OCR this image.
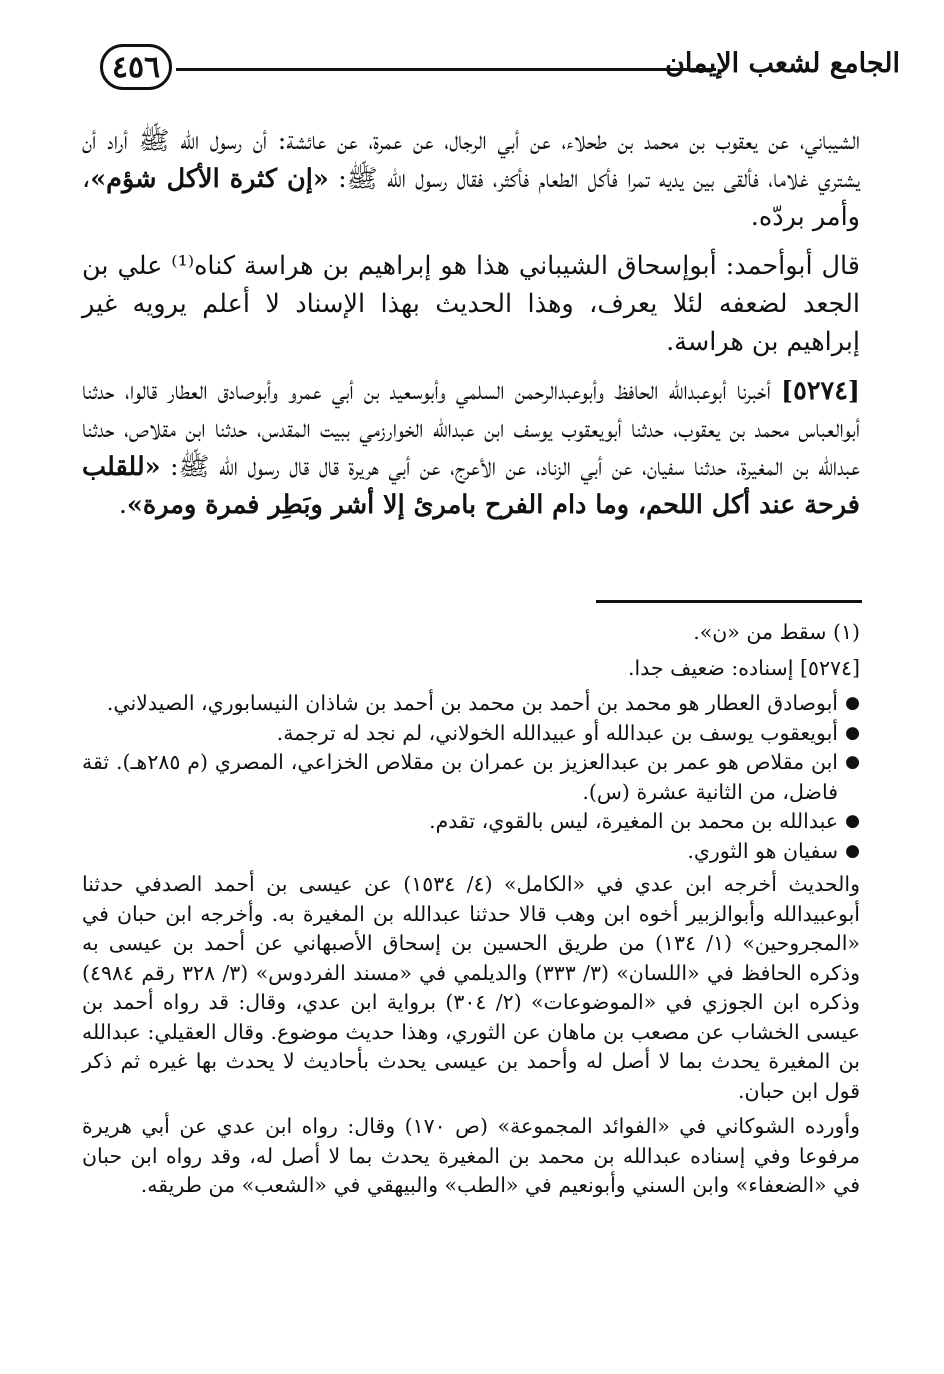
٤٥٦	الجامع لشعب الإيمان

الشيباني، عن يعقوب بن محمد بن طحلاء، عن أبي الرجال، عن عمرة، عن عائشة: أن رسول الله ﷺ أراد أن يشتري غلاما، فألقى بين يديه تمرا فأكل الطعام فأكثر، فقال رسول الله ﷺ: «إن كثرة الأكل شؤم»، وأمر بردّه.

قال أبوأحمد: أبوإسحاق الشيباني هذا هو إبراهيم بن هراسة كناه⁽¹⁾ علي بن الجعد لضعفه لئلا يعرف، وهذا الحديث بهذا الإسناد لا أعلم يرويه غير إبراهيم بن هراسة.

[٥٢٧٤] أخبرنا أبوعبدالله الحافظ وأبوعبدالرحمن السلمي وأبوسعيد بن أبي عمرو وأبوصادق العطار قالوا، حدثنا أبوالعباس محمد بن يعقوب، حدثنا أبويعقوب يوسف ابن عبدالله الخوارزمي ببيت المقدس، حدثنا ابن مقلاص، حدثنا عبدالله بن المغيرة، حدثنا سفيان، عن أبي الزناد، عن الأعرج، عن أبي هريرة قال قال رسول الله ﷺ: «للقلب فرحة عند أكل اللحم، وما دام الفرح بامرئ إلا أشر وبَطِر فمرة ومرة».

(١) سقط من «ن».

[٥٢٧٤] إسناده: ضعيف جدا.

●
أبوصادق العطار هو محمد بن أحمد بن محمد بن أحمد بن شاذان النيسابوري، الصيدلاني.
●
أبويعقوب يوسف بن عبدالله أو عبيدالله الخولاني، لم نجد له ترجمة.
●
ابن مقلاص هو عمر بن عبدالعزيز بن عمران بن مقلاص الخزاعي، المصري (م ٢٨٥هـ). ثقة فاضل، من الثانية عشرة (س).
●
عبدالله بن محمد بن المغيرة، ليس بالقوي، تقدم.
●
سفيان هو الثوري.

والحديث أخرجه ابن عدي في «الكامل» (٤/ ١٥٣٤) عن عيسى بن أحمد الصدفي حدثنا أبوعبيدالله وأبوالزبير أخوه ابن وهب قالا حدثنا عبدالله بن المغيرة به. وأخرجه ابن حبان في «المجروحين» (١/ ١٣٤) من طريق الحسين بن إسحاق الأصبهاني عن أحمد بن عيسى به وذكره الحافظ في «اللسان» (٣/ ٣٣٣) والديلمي في «مسند الفردوس» (٣/ ٣٢٨ رقم ٤٩٨٤) وذكره ابن الجوزي في «الموضوعات» (٢/ ٣٠٤) برواية ابن عدي، وقال: قد رواه أحمد بن عيسى الخشاب عن مصعب بن ماهان عن الثوري، وهذا حديث موضوع. وقال العقيلي: عبدالله بن المغيرة يحدث بما لا أصل له وأحمد بن عيسى يحدث بأحاديث لا يحدث بها غيره ثم ذكر قول ابن حبان.

وأورده الشوكاني في «الفوائد المجموعة» (ص ١٧٠) وقال: رواه ابن عدي عن أبي هريرة مرفوعا وفي إسناده عبدالله بن محمد بن المغيرة يحدث بما لا أصل له، وقد رواه ابن حبان في «الضعفاء» وابن السني وأبونعيم في «الطب» والبيهقي في «الشعب» من طريقه.
